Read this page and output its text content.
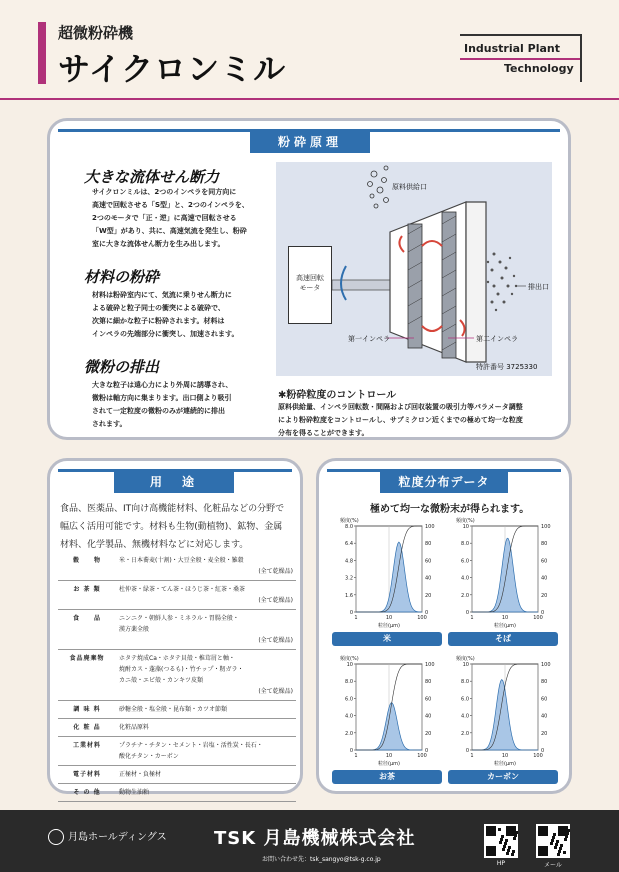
超微粉砕機
サイクロンミル
Industrial Plant
Technology
粉砕原理
大きな流体せん断力
サイクロンミルは、2つのインペラを同方向に
高速で回転させる「S型」と、2つのインペラを、
2つのモータで「正・逆」に高速で回転させる
「W型」があり、共に、高速気流を発生し、粉砕
室に大きな流体せん断力を生み出します。
材料の粉砕
材料は粉砕室内にて、気流に乗りせん断力に
よる破砕と粒子同士の衝突による破砕で、
次第に細かな粒子に粉砕されます。材料は
インペラの先端部分に衝突し、加速されます。
微粉の排出
大きな粒子は遠心力により外周に誘導され、
微粉は軸方向に集まります。出口側より吸引
されて一定粒度の微粉のみが連続的に排出
されます。
高速回転
モータ
原料供給口
排出口
第一インペラ	第二インペラ
特許番号 3725330
✱粉砕粒度のコントロール
原料供給量、インペラ回転数・間隔および回収装置の吸引力等パラメータ調整
により粉砕粒度をコントロールし、サブミクロン近くまでの極めて均一な粒度
分布を得ることができます。
用　途
食品、医薬品、IT向け高機能材料、化粧品などの分野で
幅広く活用可能です。材料も生物(動植物)、鉱物、金属
材料、化学製品、無機材料などに対応します。
穀　　物	米・日本蕎麦(十割)・大豆全般・麦全般・雑穀
(全て乾燥品)

お 茶 類	杜仲茶・緑茶・てん茶・ほうじ茶・紅茶・桑茶
(全て乾燥品)

食　　品	ニンニク・朝鮮人参・ミネラル・胃腸全般・
漢方薬全般
(全て乾燥品)

食品廃棄物	ホタテ焼成Ca・ホタテ貝殻・椎茸屑と軸・
焼酎カス・蓬藻(つるも)・竹チップ・籾ガラ・
カニ殻・エビ殻・カンキツ皮類
(全て乾燥品)

調 味 料	砂糖全般・塩全般・昆布類・カツオ節類

化 粧 品	化粧品原料

工業材料	プラチナ・チタン・セメント・岩塩・活性炭・長石・
酸化チタン・カーボン

電子材料	正極材・負極材

そ の 他	動物生油粕
粒度分布データ
極めて均一な微粉末が得られます。
0
1.6
3.2
4.8
6.4
8.0
0
20
40
60
80
100
1	10	100
頻度(%)
粒径(μm)
米
0
2.0
4.0
6.0
8.0
10
0
20
40
60
80
100
1	10	100
頻度(%)
粒径(μm)
そば
0
2.0
4.0
6.0
8.0
10
0
20
40
60
80
100
1	10	100
頻度(%)
粒径(μm)
お茶
0
2.0
4.0
6.0
8.0
10
0
20
40
60
80
100
1	10	100
頻度(%)
粒径(μm)
カーボン
月島ホールディングス	TSK 月島機械株式会社
お問い合わせ先：tsk_sangyo@tsk-g.co.jp
HP	メール
